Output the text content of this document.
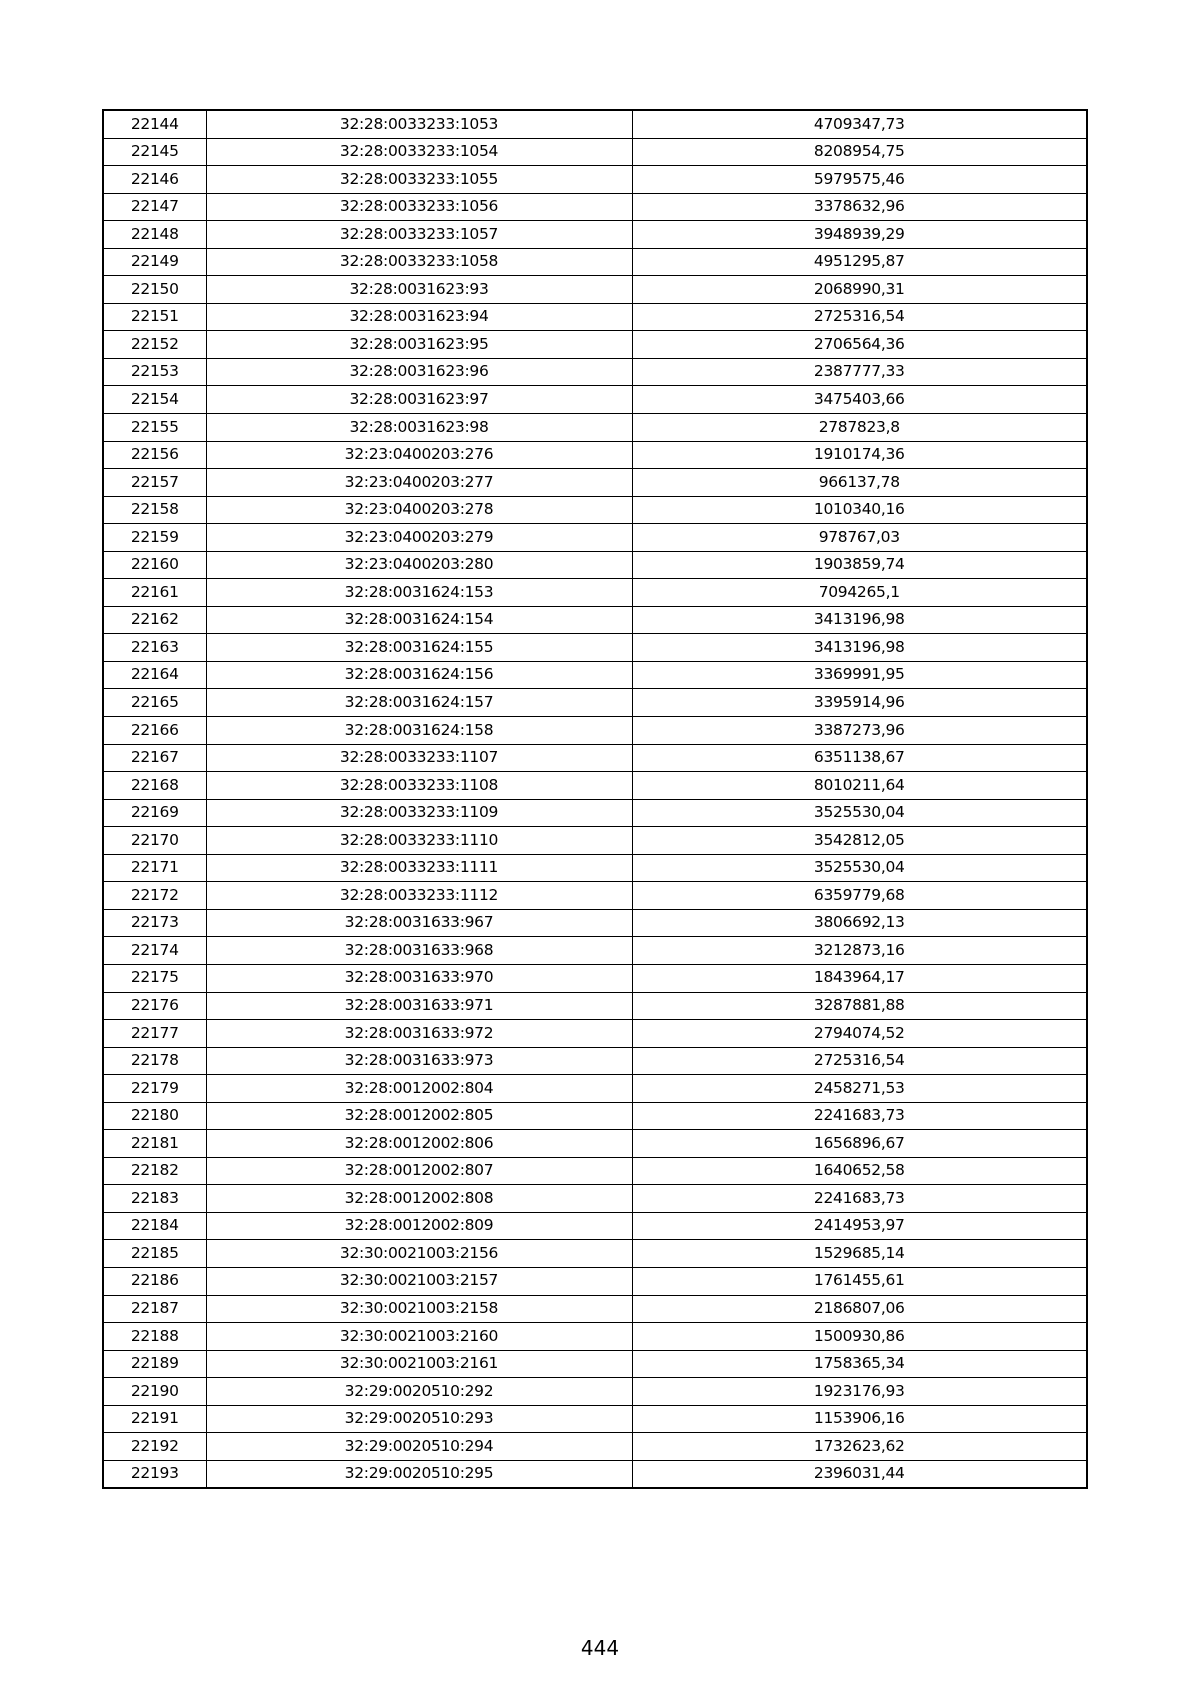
22144	32:28:0033233:1053	4709347,73
22145	32:28:0033233:1054	8208954,75
22146	32:28:0033233:1055	5979575,46
22147	32:28:0033233:1056	3378632,96
22148	32:28:0033233:1057	3948939,29
22149	32:28:0033233:1058	4951295,87
22150	32:28:0031623:93	2068990,31
22151	32:28:0031623:94	2725316,54
22152	32:28:0031623:95	2706564,36
22153	32:28:0031623:96	2387777,33
22154	32:28:0031623:97	3475403,66
22155	32:28:0031623:98	2787823,8
22156	32:23:0400203:276	1910174,36
22157	32:23:0400203:277	966137,78
22158	32:23:0400203:278	1010340,16
22159	32:23:0400203:279	978767,03
22160	32:23:0400203:280	1903859,74
22161	32:28:0031624:153	7094265,1
22162	32:28:0031624:154	3413196,98
22163	32:28:0031624:155	3413196,98
22164	32:28:0031624:156	3369991,95
22165	32:28:0031624:157	3395914,96
22166	32:28:0031624:158	3387273,96
22167	32:28:0033233:1107	6351138,67
22168	32:28:0033233:1108	8010211,64
22169	32:28:0033233:1109	3525530,04
22170	32:28:0033233:1110	3542812,05
22171	32:28:0033233:1111	3525530,04
22172	32:28:0033233:1112	6359779,68
22173	32:28:0031633:967	3806692,13
22174	32:28:0031633:968	3212873,16
22175	32:28:0031633:970	1843964,17
22176	32:28:0031633:971	3287881,88
22177	32:28:0031633:972	2794074,52
22178	32:28:0031633:973	2725316,54
22179	32:28:0012002:804	2458271,53
22180	32:28:0012002:805	2241683,73
22181	32:28:0012002:806	1656896,67
22182	32:28:0012002:807	1640652,58
22183	32:28:0012002:808	2241683,73
22184	32:28:0012002:809	2414953,97
22185	32:30:0021003:2156	1529685,14
22186	32:30:0021003:2157	1761455,61
22187	32:30:0021003:2158	2186807,06
22188	32:30:0021003:2160	1500930,86
22189	32:30:0021003:2161	1758365,34
22190	32:29:0020510:292	1923176,93
22191	32:29:0020510:293	1153906,16
22192	32:29:0020510:294	1732623,62
22193	32:29:0020510:295	2396031,44
444
